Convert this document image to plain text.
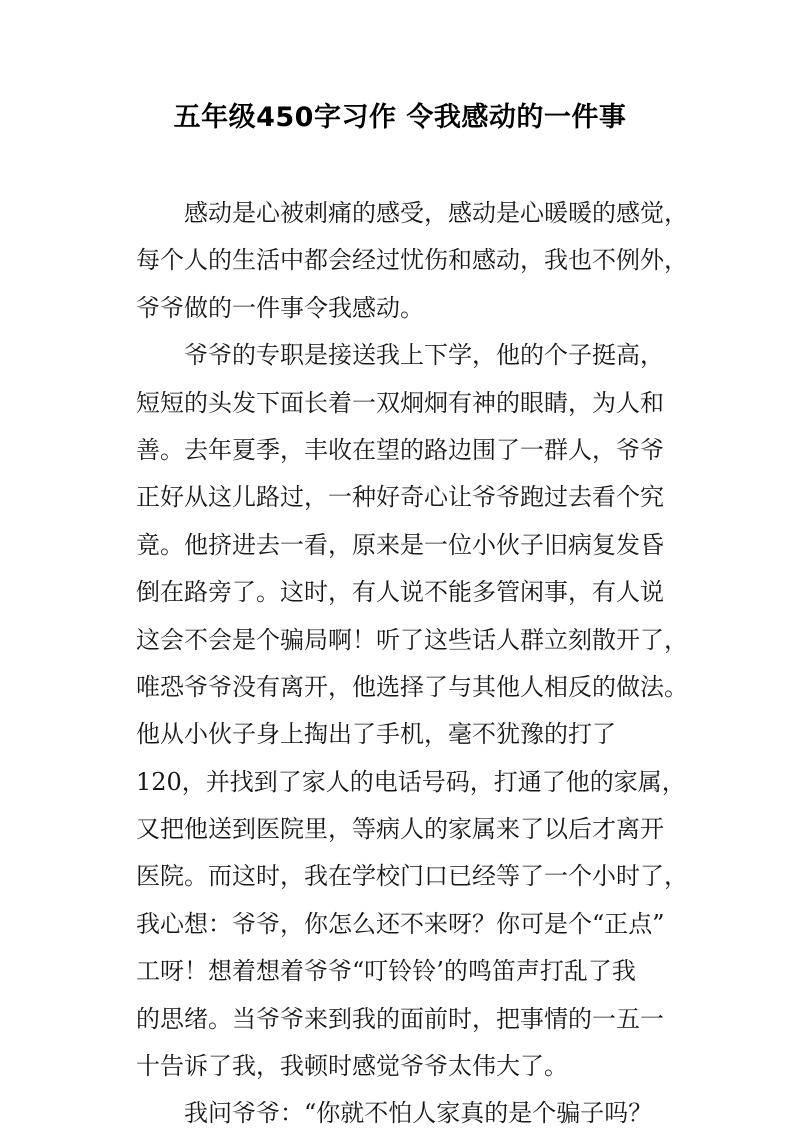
五年级450字习作 令我感动的一件事
感动是心被刺痛的感受，感动是心暖暖的感觉，
每个人的生活中都会经过忧伤和感动，我也不例外，
爷爷做的一件事令我感动。
爷爷的专职是接送我上下学，他的个子挺高，
短短的头发下面长着一双炯炯有神的眼睛，为人和
善。去年夏季，丰收在望的路边围了一群人，爷爷
正好从这儿路过，一种好奇心让爷爷跑过去看个究
竟。他挤进去一看，原来是一位小伙子旧病复发昏
倒在路旁了。这时，有人说不能多管闲事，有人说
这会不会是个骗局啊！听了这些话人群立刻散开了，
唯恐爷爷没有离开，他选择了与其他人相反的做法。
他从小伙子身上掏出了手机，毫不犹豫的打了
120，并找到了家人的电话号码，打通了他的家属，
又把他送到医院里，等病人的家属来了以后才离开
医院。而这时，我在学校门口已经等了一个小时了，
我心想：爷爷，你怎么还不来呀？你可是个“正点”
工呀！想着想着爷爷“叮铃铃’的鸣笛声打乱了我
的思绪。当爷爷来到我的面前时，把事情的一五一
十告诉了我，我顿时感觉爷爷太伟大了。
我问爷爷：“你就不怕人家真的是个骗子吗？
